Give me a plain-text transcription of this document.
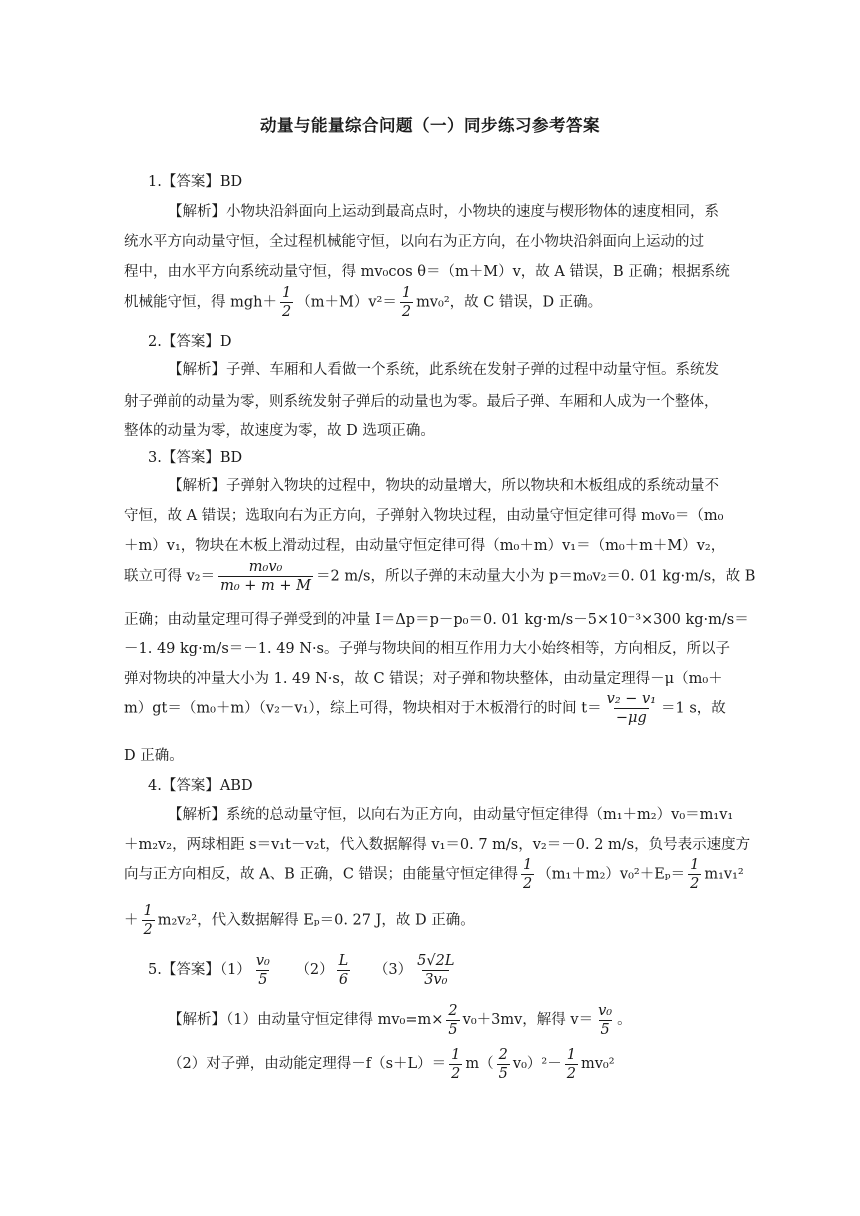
动量与能量综合问题（一）同步练习参考答案
1.【答案】BD
【解析】小物块沿斜面向上运动到最高点时，小物块的速度与楔形物体的速度相同，系
统水平方向动量守恒，全过程机械能守恒，以向右为正方向，在小物块沿斜面向上运动的过
程中，由水平方向系统动量守恒，得 mv₀cos θ＝（m＋M）v，故 A 错误，B 正确；根据系统
机械能守恒，得 $mgh+ \frac{1}{2} (m+M)v^2= \frac{1}{2} mv_0^2$，故 C 错误，D 正确。
2.【答案】D
【解析】子弹、车厢和人看做一个系统，此系统在发射子弹的过程中动量守恒。系统发
射子弹前的动量为零，则系统发射子弹后的动量也为零。最后子弹、车厢和人成为一个整体，
整体的动量为零，故速度为零，故 D 选项正确。
3.【答案】BD
【解析】子弹射入物块的过程中，物块的动量增大，所以物块和木板组成的系统动量不
守恒，故 A 错误；选取向右为正方向，子弹射入物块过程，由动量守恒定律可得 m₀v₀＝（m₀
＋m）v₁，物块在木板上滑动过程，由动量守恒定律可得（m₀＋m）v₁＝（m₀＋m＋M）v₂，
联立可得 $v_2= \frac{\text{m₀v₀}}{\text{m₀ + m + M}} =2$ m/s，所以子弹的末动量大小为 p＝m₀v₂＝0. 01 kg·m/s，故 B
正确；由动量定理可得子弹受到的冲量 I＝Δp＝p－p₀＝0. 01 kg·m/s－5×10⁻³×300 kg·m/s＝
－1. 49 kg·m/s＝－1. 49 N·s。子弹与物块间的相互作用力大小始终相等，方向相反，所以子
弹对物块的冲量大小为 1. 49 N·s，故 C 错误；对子弹和物块整体，由动量定理得－μ（m₀＋
m）gt＝（m₀＋m）（v₂－v₁），综上可得，物块相对于木板滑行的时间 $t= \frac{\text{v₂ − v₁}}{-\mu g} =1$ s，故
D 正确。
4.【答案】ABD
【解析】系统的总动量守恒，以向右为正方向，由动量守恒定律得（m₁＋m₂）v₀＝m₁v₁
＋m₂v₂，两球相距 s＝v₁t－v₂t，代入数据解得 v₁＝0. 7 m/s，v₂＝－0. 2 m/s，负号表示速度方
向与正方向相反，故 A、B 正确，C 错误；由能量守恒定律得 $\frac{1}{2} (m_1+m_2)v_0^2+E_p= \frac{1}{2} m_1v_1^2$
＋ $\frac{1}{2} m_2v_2^2$，代入数据解得 Eₚ＝0. 27 J，故 D 正确。
5.【答案】$(1) \frac{\text{v₀}}{5} (2) \frac{L}{6} (3) \frac{5√2L}{\text{3v₀}}$
【解析】（1）由动量守恒定律得 $mv_0=m\times \frac{2}{5} v_0+3mv$，解得 $v= \frac{\text{v₀}}{5}$ 。
（2）对子弹，由动能定理得$-f(s+L)= \frac{1}{2} m( \frac{2}{5} v_0)^2- \frac{1}{2} mv_0^2$
